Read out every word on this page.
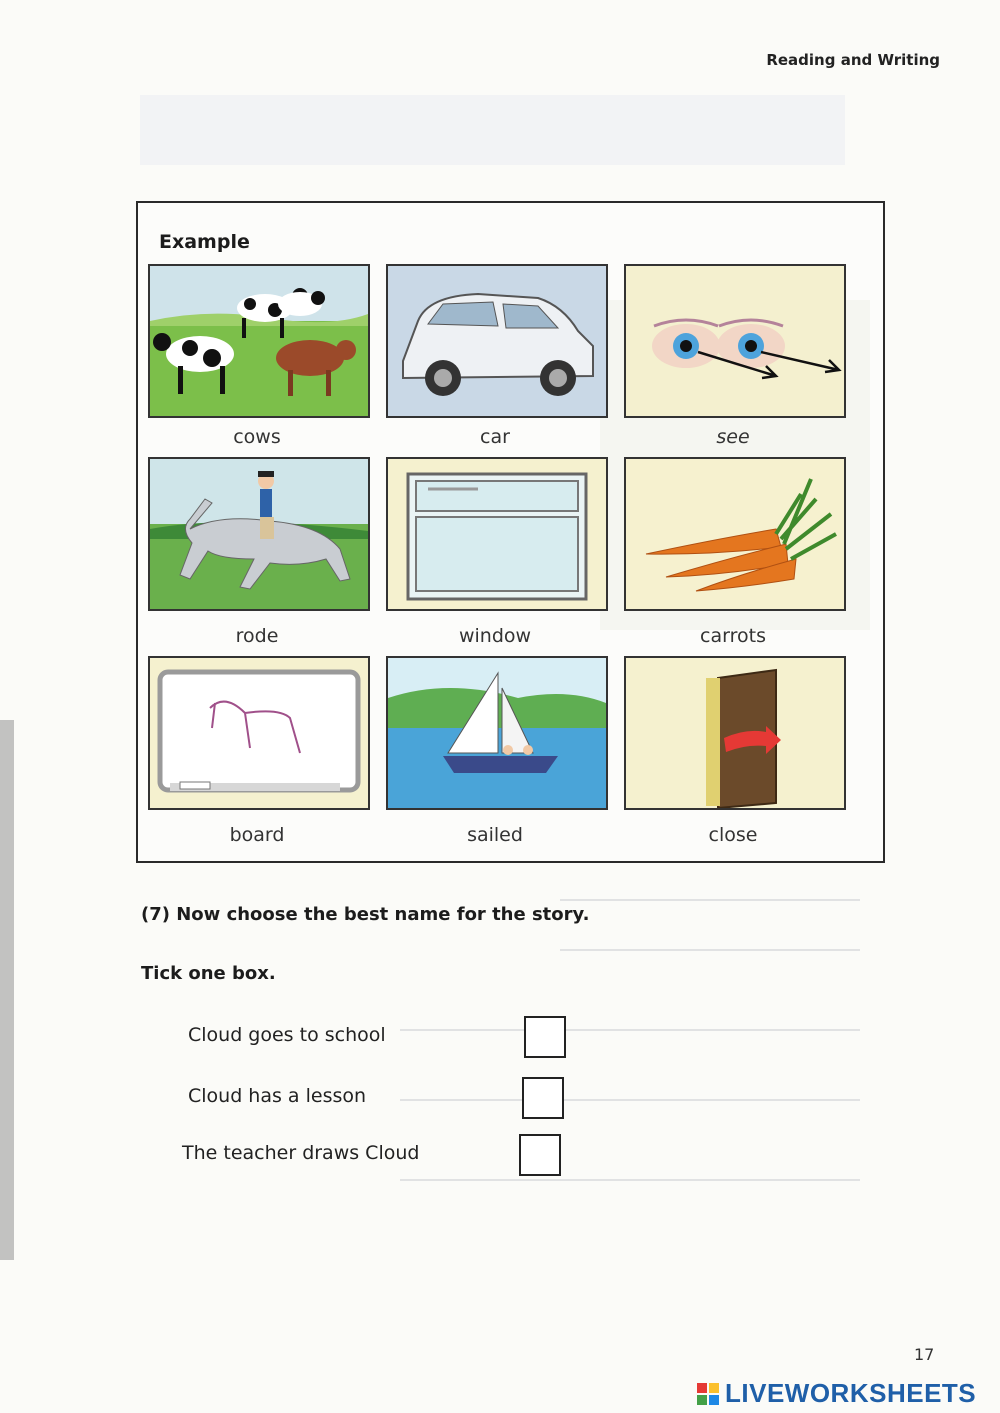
Reading and Writing
Example
cows	car	see
rode	window	carrots
board	sailed	close
(7) Now choose the best name for the story.
Tick one box.
Cloud goes to school
Cloud has a lesson
The teacher draws Cloud
17
LIVEWORKSHEETS
